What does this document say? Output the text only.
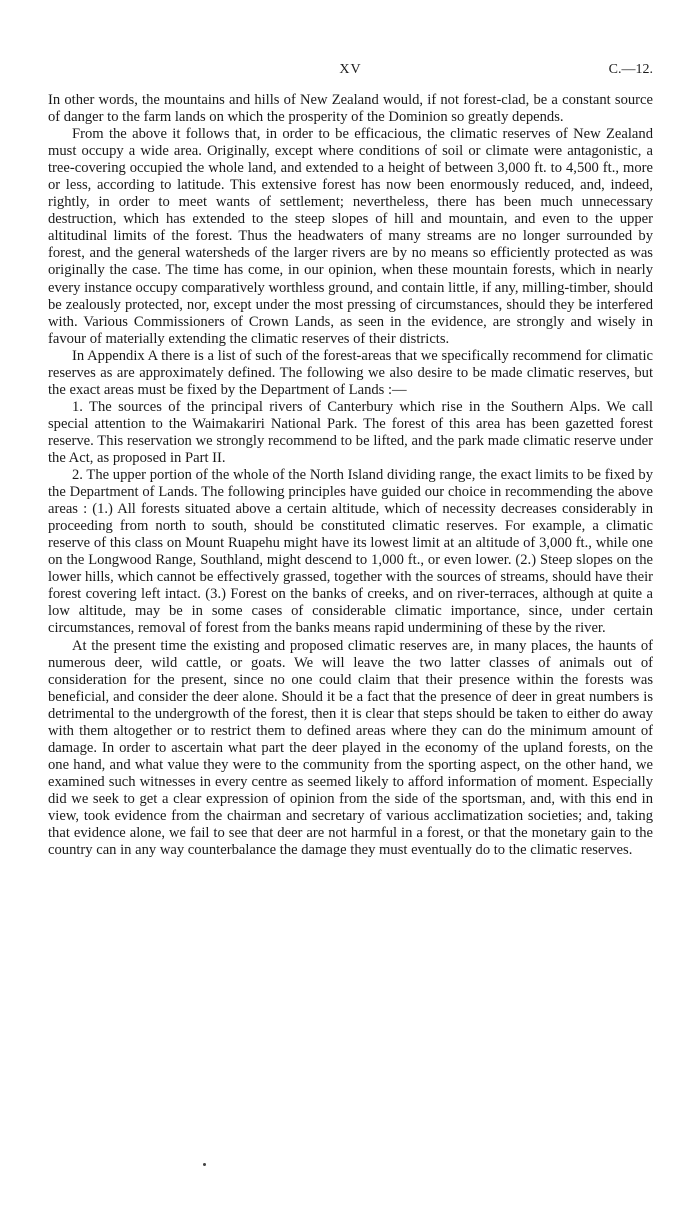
XV	C.—12.

In other words, the mountains and hills of New Zealand would, if not forest-clad, be a constant source of danger to the farm lands on which the prosperity of the Dominion so greatly depends.

From the above it follows that, in order to be efficacious, the climatic reserves of New Zealand must occupy a wide area. Originally, except where conditions of soil or climate were antagonistic, a tree-covering occupied the whole land, and extended to a height of between 3,000 ft. to 4,500 ft., more or less, according to latitude. This extensive forest has now been enormously reduced, and, indeed, rightly, in order to meet wants of settlement; nevertheless, there has been much unnecessary destruction, which has extended to the steep slopes of hill and mountain, and even to the upper altitudinal limits of the forest. Thus the headwaters of many streams are no longer surrounded by forest, and the general watersheds of the larger rivers are by no means so efficiently protected as was originally the case. The time has come, in our opinion, when these mountain forests, which in nearly every instance occupy comparatively worthless ground, and contain little, if any, milling-timber, should be zealously protected, nor, except under the most pressing of circumstances, should they be interfered with. Various Commissioners of Crown Lands, as seen in the evidence, are strongly and wisely in favour of materially extending the climatic reserves of their districts.

In Appendix A there is a list of such of the forest-areas that we specifically recommend for climatic reserves as are approximately defined. The following we also desire to be made climatic reserves, but the exact areas must be fixed by the Department of Lands :—

1. The sources of the principal rivers of Canterbury which rise in the Southern Alps. We call special attention to the Waimakariri National Park. The forest of this area has been gazetted forest reserve. This reservation we strongly recommend to be lifted, and the park made climatic reserve under the Act, as proposed in Part II.

2. The upper portion of the whole of the North Island dividing range, the exact limits to be fixed by the Department of Lands. The following principles have guided our choice in recommending the above areas : (1.) All forests situated above a certain altitude, which of necessity decreases considerably in proceeding from north to south, should be constituted climatic reserves. For example, a climatic reserve of this class on Mount Ruapehu might have its lowest limit at an altitude of 3,000 ft., while one on the Longwood Range, Southland, might descend to 1,000 ft., or even lower. (2.) Steep slopes on the lower hills, which cannot be effectively grassed, together with the sources of streams, should have their forest covering left intact. (3.) Forest on the banks of creeks, and on river-terraces, although at quite a low altitude, may be in some cases of considerable climatic importance, since, under certain circumstances, removal of forest from the banks means rapid undermining of these by the river.

At the present time the existing and proposed climatic reserves are, in many places, the haunts of numerous deer, wild cattle, or goats. We will leave the two latter classes of animals out of consideration for the present, since no one could claim that their presence within the forests was beneficial, and consider the deer alone. Should it be a fact that the presence of deer in great numbers is detrimental to the undergrowth of the forest, then it is clear that steps should be taken to either do away with them altogether or to restrict them to defined areas where they can do the minimum amount of damage. In order to ascertain what part the deer played in the economy of the upland forests, on the one hand, and what value they were to the community from the sporting aspect, on the other hand, we examined such witnesses in every centre as seemed likely to afford information of moment. Especially did we seek to get a clear expression of opinion from the side of the sportsman, and, with this end in view, took evidence from the chairman and secretary of various acclimatization societies; and, taking that evidence alone, we fail to see that deer are not harmful in a forest, or that the monetary gain to the country can in any way counterbalance the damage they must eventually do to the climatic reserves.
